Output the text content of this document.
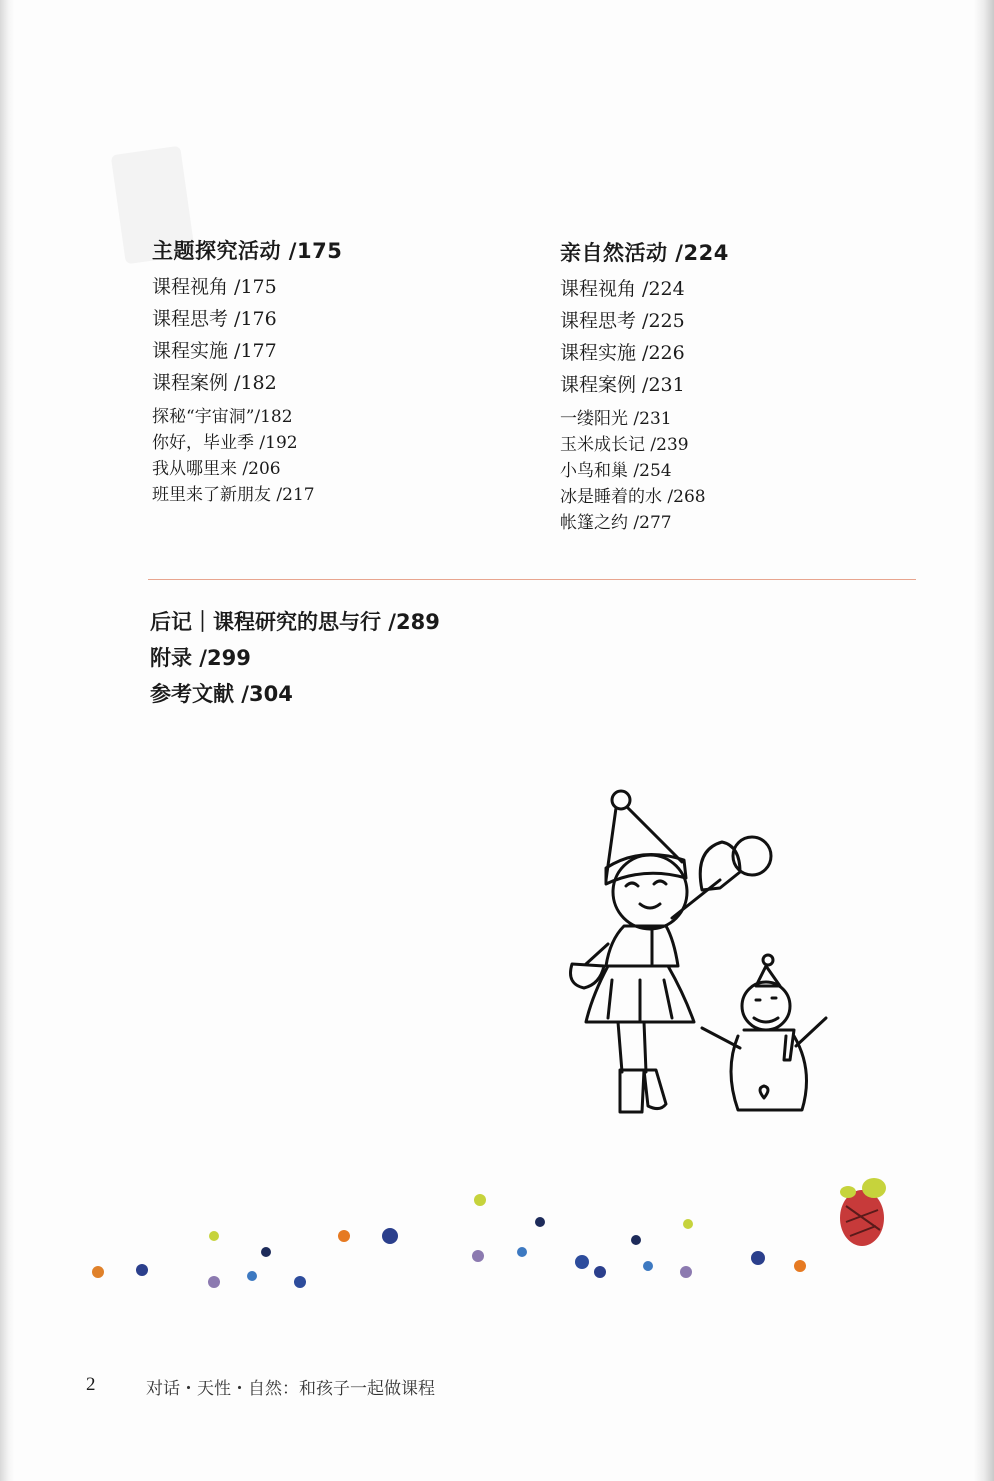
主题探究活动 /175
课程视角 /175
课程思考 /176
课程实施 /177
课程案例 /182
探秘“宇宙洞”/182
你好，毕业季 /192
我从哪里来 /206
班里来了新朋友 /217
亲自然活动 /224
课程视角 /224
课程思考 /225
课程实施 /226
课程案例 /231
一缕阳光 /231
玉米成长记 /239
小鸟和巢 /254
冰是睡着的水 /268
帐篷之约 /277
后记｜课程研究的思与行 /289
附录 /299
参考文献 /304
2	对话・天性・自然：和孩子一起做课程
